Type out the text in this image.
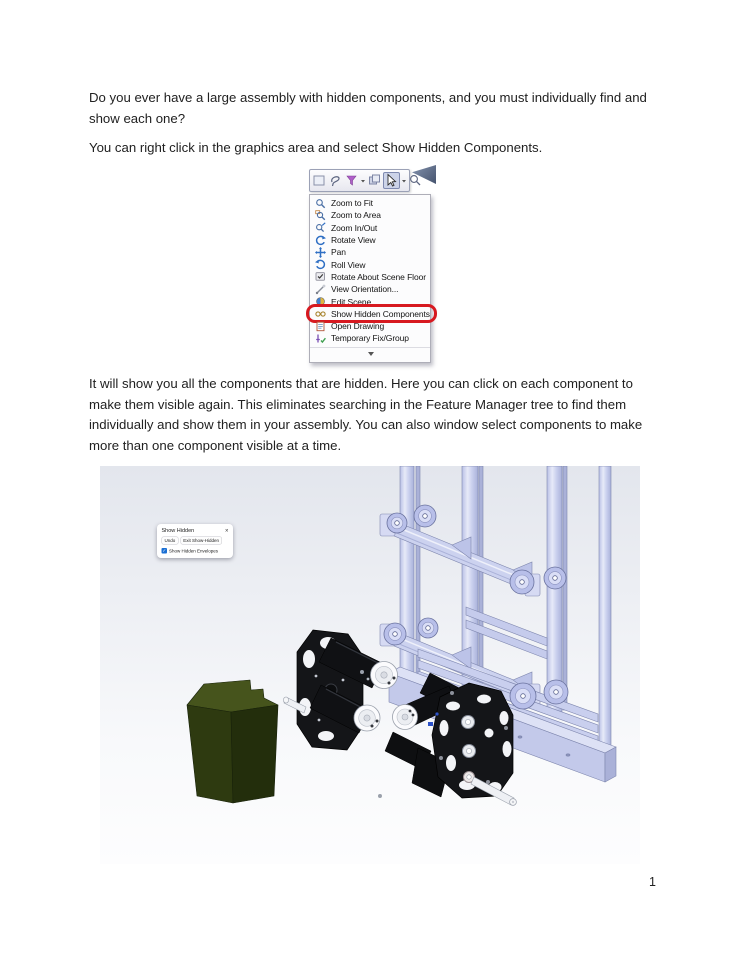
Do you ever have a large assembly with hidden components, and you must individually find and show each one?

You can right click in the graphics area and select Show Hidden Components.

Zoom to Fit
Zoom to Area
Zoom In/Out
Rotate View
Pan
Roll View
Rotate About Scene Floor
View Orientation...
Edit Scene
Show Hidden Components
Open Drawing
Temporary Fix/Group

It will show you all the components that are hidden. Here you can click on each component to make them visible again. This eliminates searching in the Feature Manager tree to find them individually and show them in your assembly. You can also window select components to make more than one component visible at a time.

Show Hidden	×
Undo Exit Show-Hidden
✓ Show Hidden Envelopes
1
